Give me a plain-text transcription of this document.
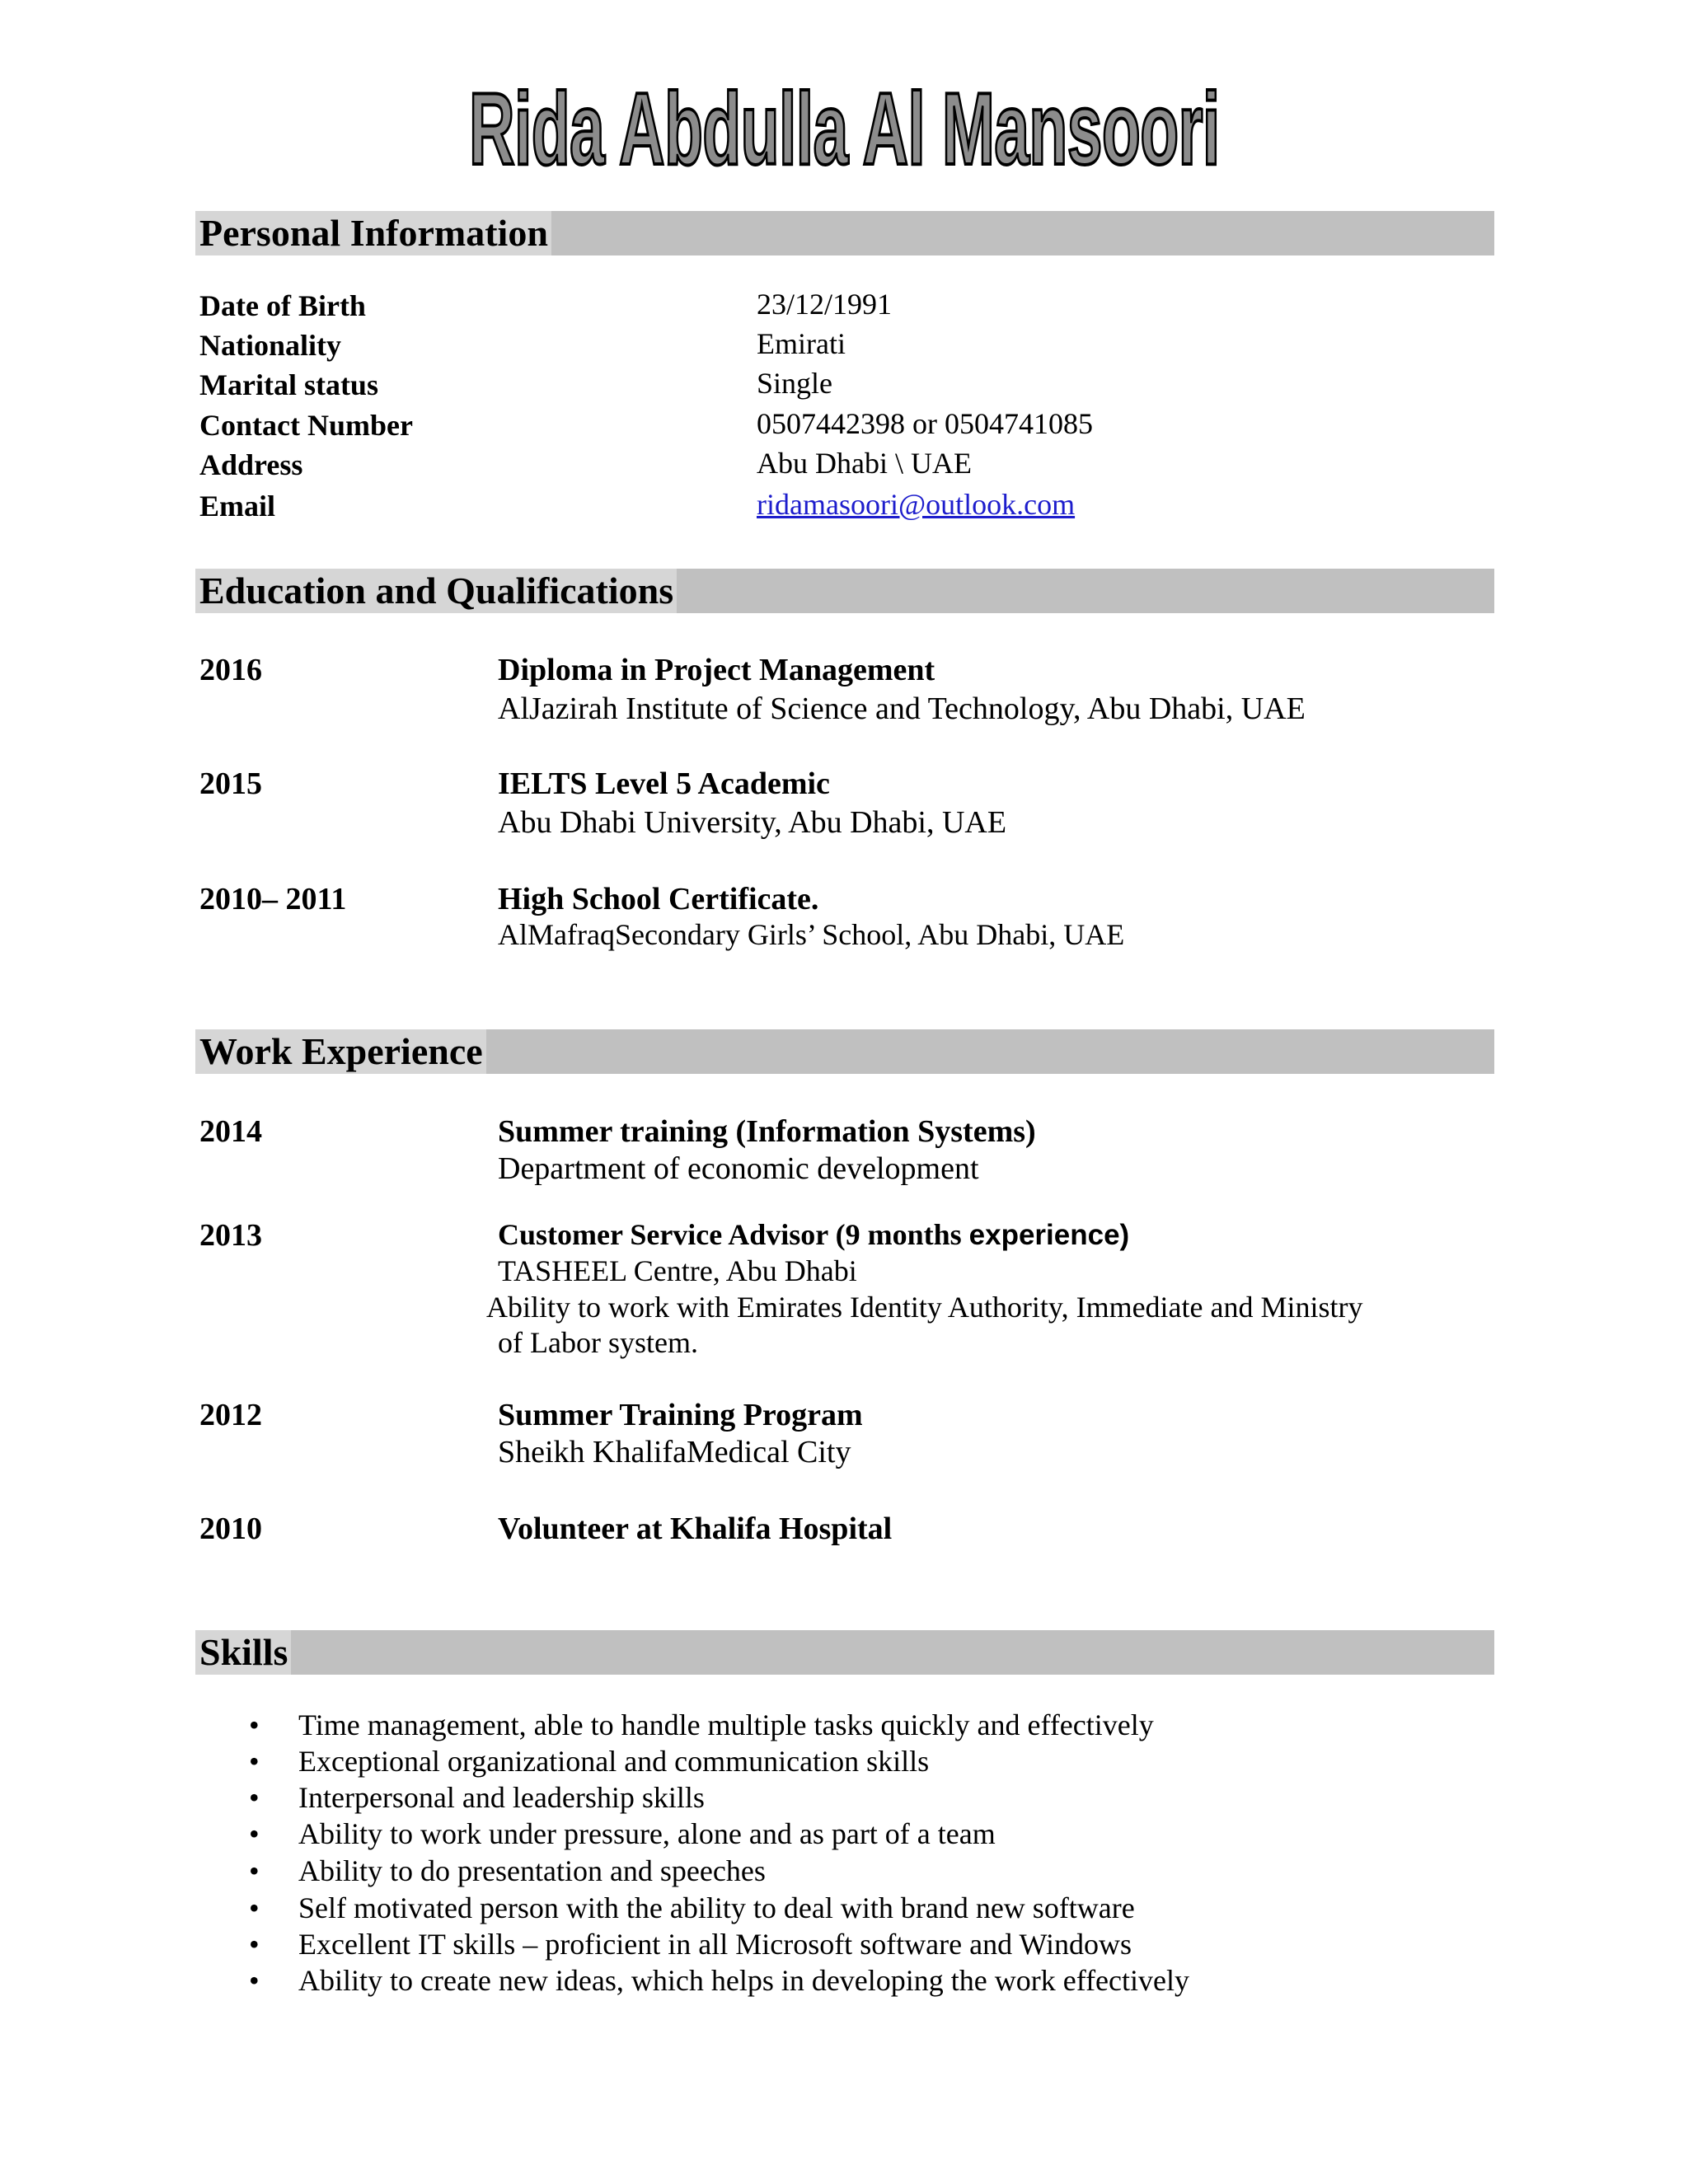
Rida Abdulla Al Mansoori
Personal Information
Date of Birth	23/12/1991
Nationality	Emirati
Marital status	Single
Contact Number	0507442398 or 0504741085
Address	Abu Dhabi \ UAE
Email	ridamasoori@outlook.com
Education and Qualifications
2016	Diploma in Project Management
AlJazirah Institute of Science and Technology, Abu Dhabi, UAE
2015	IELTS Level 5 Academic
Abu Dhabi University, Abu Dhabi, UAE
2010– 2011	High School Certificate.
AlMafraqSecondary Girls’ School, Abu Dhabi, UAE
Work Experience
2014	Summer training (Information Systems)
Department of economic development
2013	Customer Service Advisor (9 months experience)
TASHEEL Centre, Abu Dhabi
Ability to work with Emirates Identity Authority, Immediate and Ministry
of Labor system.
2012	Summer Training Program
Sheikh KhalifaMedical City
2010	Volunteer at Khalifa Hospital
Skills
• Time management, able to handle multiple tasks quickly and effectively
• Exceptional organizational and communication skills
• Interpersonal and leadership skills
• Ability to work under pressure, alone and as part of a team
• Ability to do presentation and speeches
• Self motivated person with the ability to deal with brand new software
• Excellent IT skills – proficient in all Microsoft software and Windows
• Ability to create new ideas, which helps in developing the work effectively
